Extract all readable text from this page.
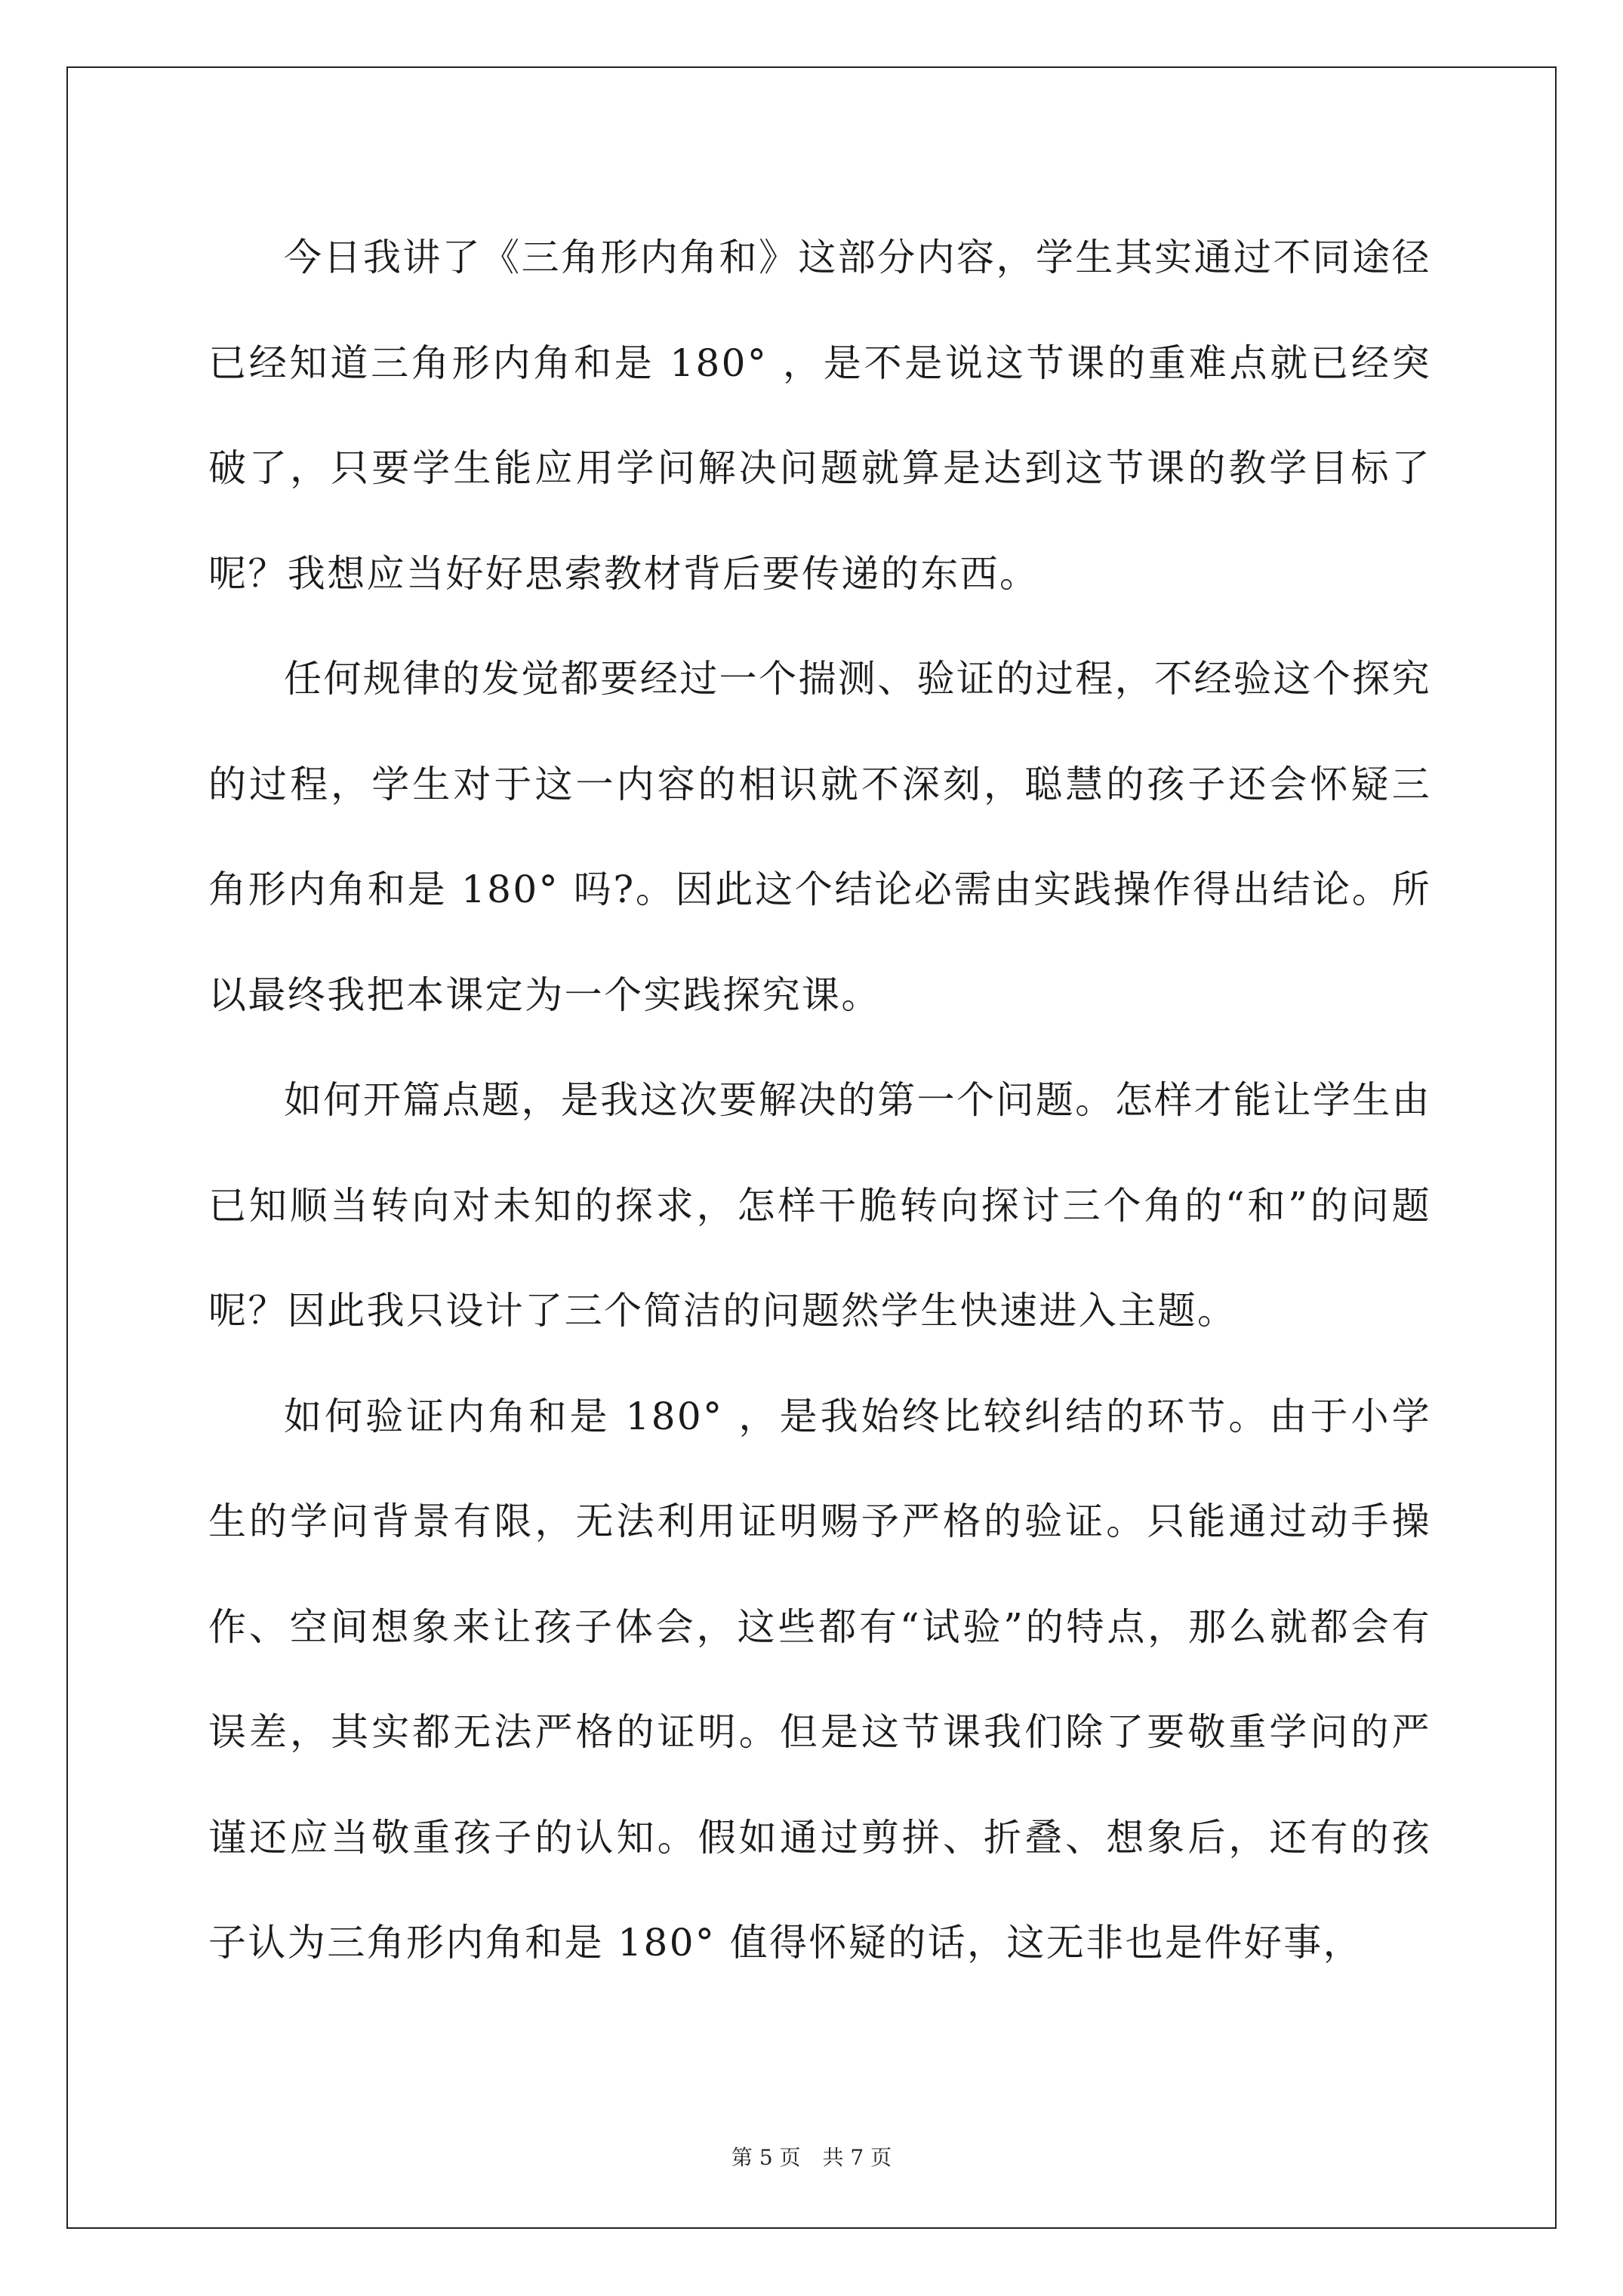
今日我讲了《三角形内角和》这部分内容，学生其实通过不同途径已经知道三角形内角和是 180° ，是不是说这节课的重难点就已经突破了，只要学生能应用学问解决问题就算是达到这节课的教学目标了呢？我想应当好好思索教材背后要传递的东西。

任何规律的发觉都要经过一个揣测、验证的过程，不经验这个探究的过程，学生对于这一内容的相识就不深刻，聪慧的孩子还会怀疑三角形内角和是 180° 吗?。因此这个结论必需由实践操作得出结论。所以最终我把本课定为一个实践探究课。

如何开篇点题，是我这次要解决的第一个问题。怎样才能让学生由已知顺当转向对未知的探求，怎样干脆转向探讨三个角的“和”的问题呢？因此我只设计了三个简洁的问题然学生快速进入主题。

如何验证内角和是 180° ，是我始终比较纠结的环节。由于小学生的学问背景有限，无法利用证明赐予严格的验证。只能通过动手操作、空间想象来让孩子体会，这些都有“试验”的特点，那么就都会有误差，其实都无法严格的证明。但是这节课我们除了要敬重学问的严谨还应当敬重孩子的认知。假如通过剪拼、折叠、想象后，还有的孩子认为三角形内角和是 180° 值得怀疑的话，这无非也是件好事，

第 5 页 共 7 页
